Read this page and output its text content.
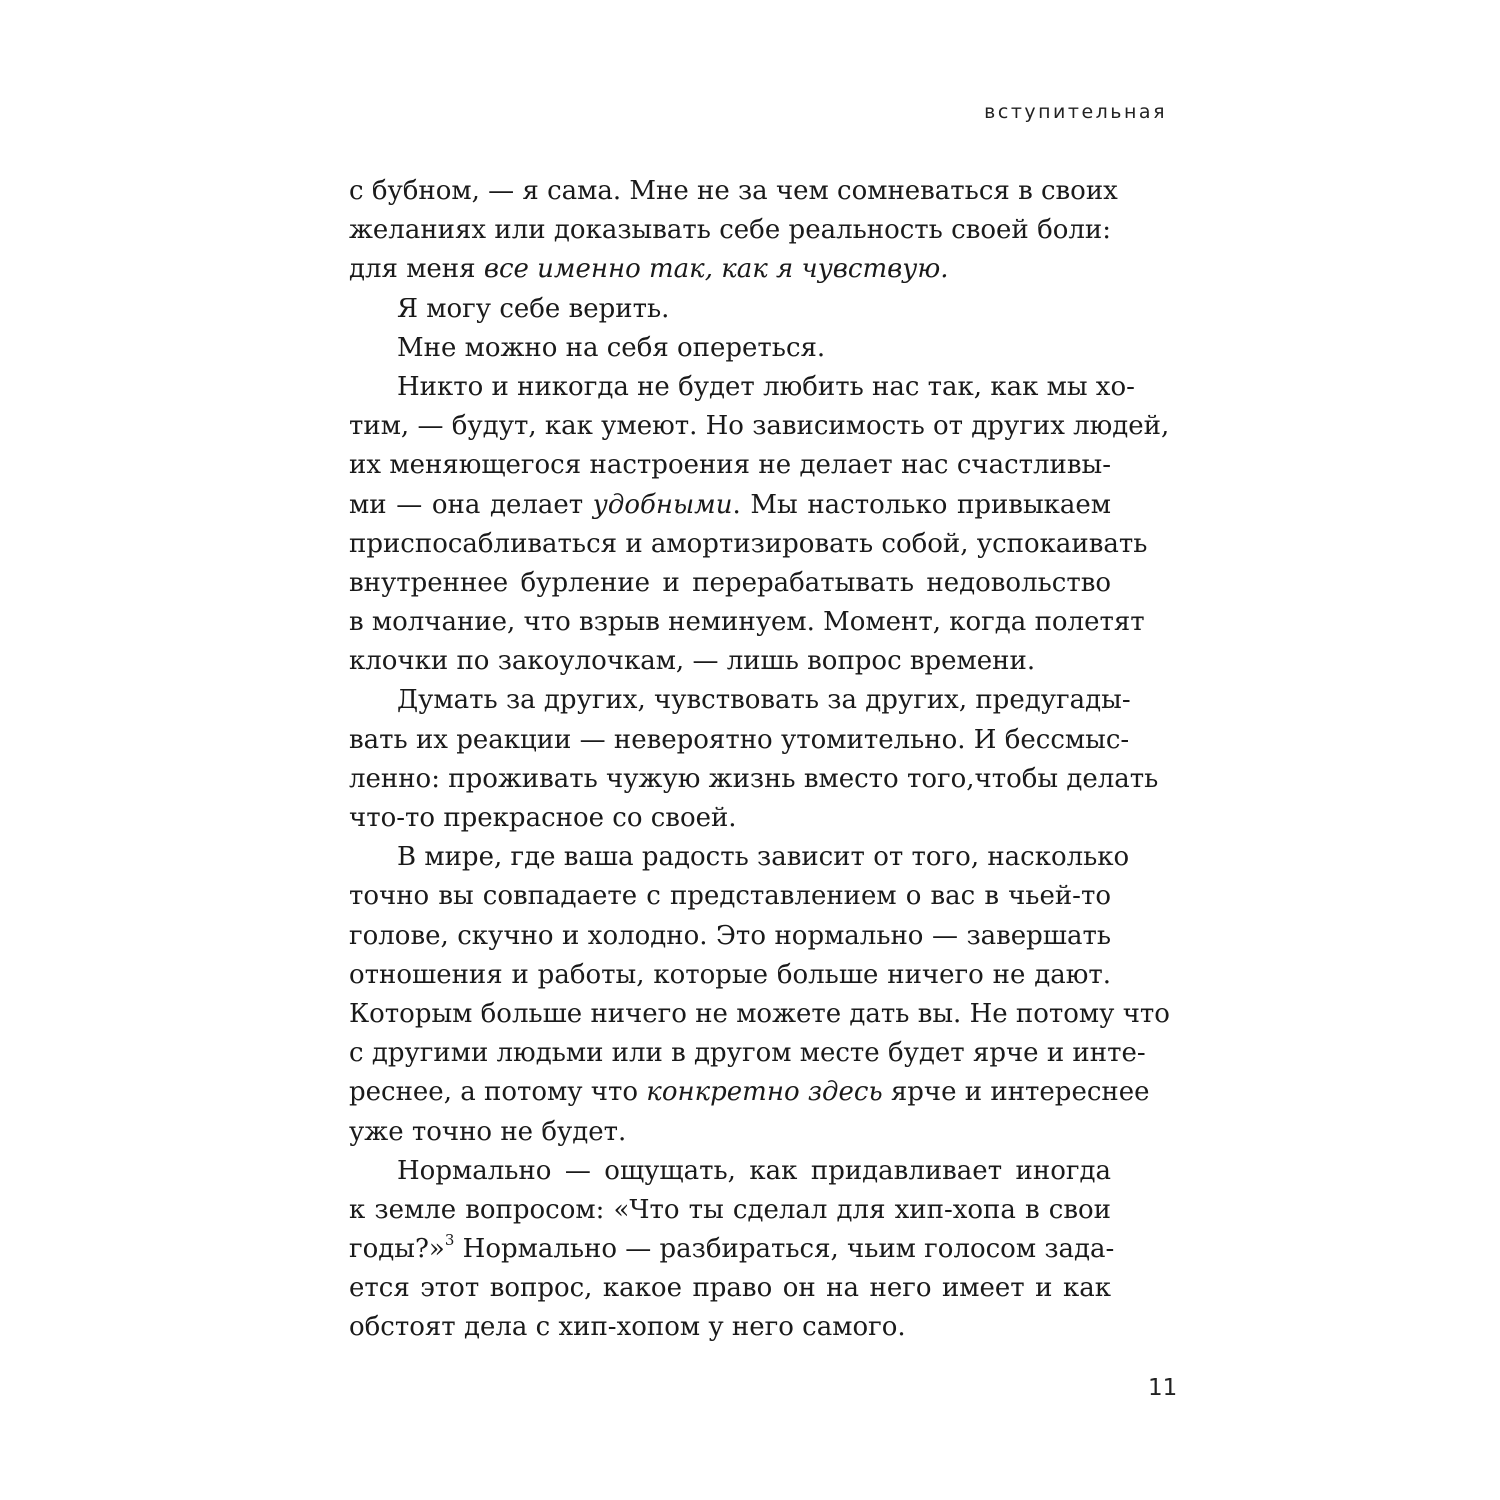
вступительная
с бубном, — я сама. Мне не за чем сомневаться в своих
желаниях или доказывать себе реальность своей боли:
для меня все именно так, как я чувствую.
Я могу себе верить.
Мне можно на себя опереться.
Никто и никогда не будет любить нас так, как мы хо-
тим, — будут, как умеют. Но зависимость от других людей,
их меняющегося настроения не делает нас счастливы-
ми — она делает удобными. Мы настолько привыкаем
приспосабливаться и амортизировать собой, успокаивать
внутреннее бурление и перерабатывать недовольство
в молчание, что взрыв неминуем. Момент, когда полетят
клочки по закоулочкам, — лишь вопрос времени.
Думать за других, чувствовать за других, предугады-
вать их реакции — невероятно утомительно. И бессмыс-
ленно: проживать чужую жизнь вместо того,чтобы делать
что-то прекрасное со своей.
В мире, где ваша радость зависит от того, насколько
точно вы совпадаете с представлением о вас в чьей-то
голове, скучно и холодно. Это нормально — завершать
отношения и работы, которые больше ничего не дают.
Которым больше ничего не можете дать вы. Не потому что
с другими людьми или в другом месте будет ярче и инте-
реснее, а потому что конкретно здесь ярче и интереснее
уже точно не будет.
Нормально — ощущать, как придавливает иногда
к земле вопросом: «Что ты сделал для хип-хопа в свои
годы?»$^3$ Нормально — разбираться, чьим голосом зада-
ется этот вопрос, какое право он на него имеет и как
обстоят дела с хип-хопом у него самого.
11
